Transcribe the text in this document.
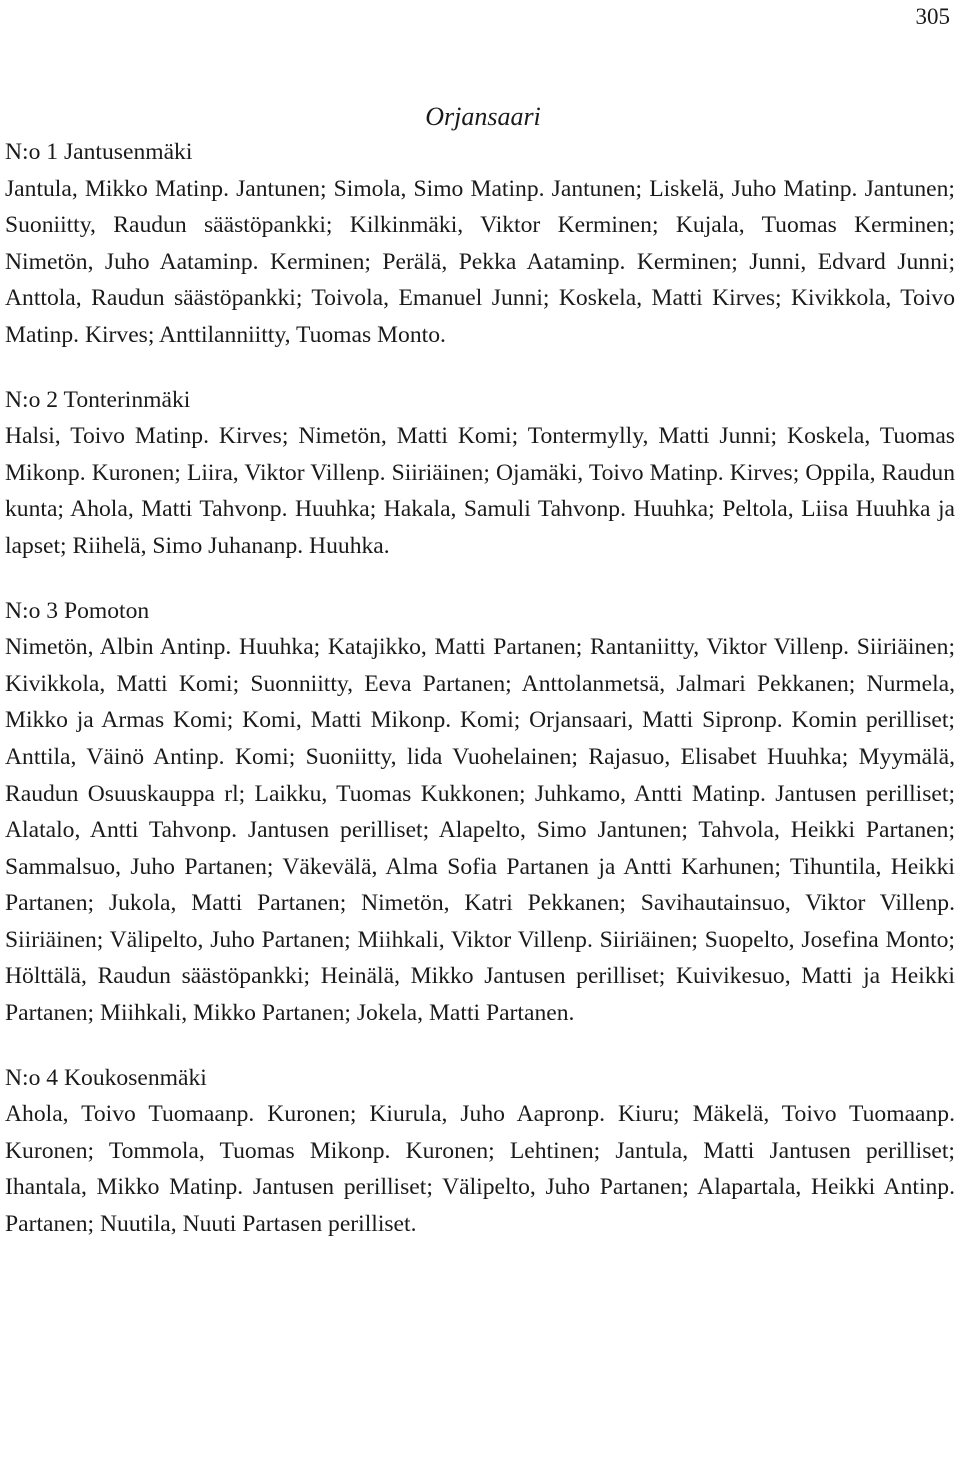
305
Orjansaari

N:o 1 Jantusenmäki

Jantula, Mikko Matinp. Jantunen; Simola, Simo Matinp. Jantunen; Liskelä, Juho Matinp. Jantunen; Suoniitty, Raudun säästöpankki; Kilkinmäki, Viktor Kerminen; Kujala, Tuomas Kerminen; Nimetön, Juho Aataminp. Kerminen; Perälä, Pekka Aataminp. Kerminen; Junni, Edvard Junni; Anttola, Raudun säästöpankki; Toivola, Emanuel Junni; Koskela, Matti Kirves; Kivikkola, Toivo Matinp. Kirves; Anttilanniitty, Tuomas Monto.

N:o 2 Tonterinmäki

Halsi, Toivo Matinp. Kirves; Nimetön, Matti Komi; Tontermylly, Matti Junni; Koskela, Tuomas Mikonp. Kuronen; Liira, Viktor Villenp. Siiriäinen; Ojamäki, Toivo Matinp. Kirves; Oppila, Raudun kunta; Ahola, Matti Tahvonp. Huuhka; Hakala, Samuli Tahvonp. Huuhka; Peltola, Liisa Huuhka ja lapset; Riihelä, Simo Juhananp. Huuhka.

N:o 3 Pomoton

Nimetön, Albin Antinp. Huuhka; Katajikko, Matti Partanen; Rantaniitty, Viktor Villenp. Siiriäinen; Kivikkola, Matti Komi; Suonniitty, Eeva Partanen; Anttolanmetsä, Jalmari Pekkanen; Nurmela, Mikko ja Armas Komi; Komi, Matti Mikonp. Komi; Orjansaari, Matti Sipronp. Komin perilliset; Anttila, Väinö Antinp. Komi; Suoniitty, lida Vuohelainen; Rajasuo, Elisabet Huuhka; Myymälä, Raudun Osuuskauppa rl; Laikku, Tuomas Kukkonen; Juhkamo, Antti Matinp. Jantusen perilliset; Alatalo, Antti Tahvonp. Jantusen perilliset; Alapelto, Simo Jantunen; Tahvola, Heikki Partanen; Sammalsuo, Juho Partanen; Väkevälä, Alma Sofia Partanen ja Antti Karhunen; Tihuntila, Heikki Partanen; Jukola, Matti Partanen; Nimetön, Katri Pekkanen; Savihautainsuo, Viktor Villenp. Siiriäinen; Välipelto, Juho Partanen; Miihkali, Viktor Villenp. Siiriäinen; Suopelto, Josefina Monto; Hölttälä, Raudun säästöpankki; Heinälä, Mikko Jantusen perilliset; Kuivikesuo, Matti ja Heikki Partanen; Miihkali, Mikko Partanen; Jokela, Matti Partanen.

N:o 4 Koukosenmäki

Ahola, Toivo Tuomaanp. Kuronen; Kiurula, Juho Aapronp. Kiuru; Mäkelä, Toivo Tuomaanp. Kuronen; Tommola, Tuomas Mikonp. Kuronen; Lehtinen; Jantula, Matti Jantusen perilliset; Ihantala, Mikko Matinp. Jantusen perilliset; Välipelto, Juho Partanen; Alapartala, Heikki Antinp. Partanen; Nuutila, Nuuti Partasen perilliset.
